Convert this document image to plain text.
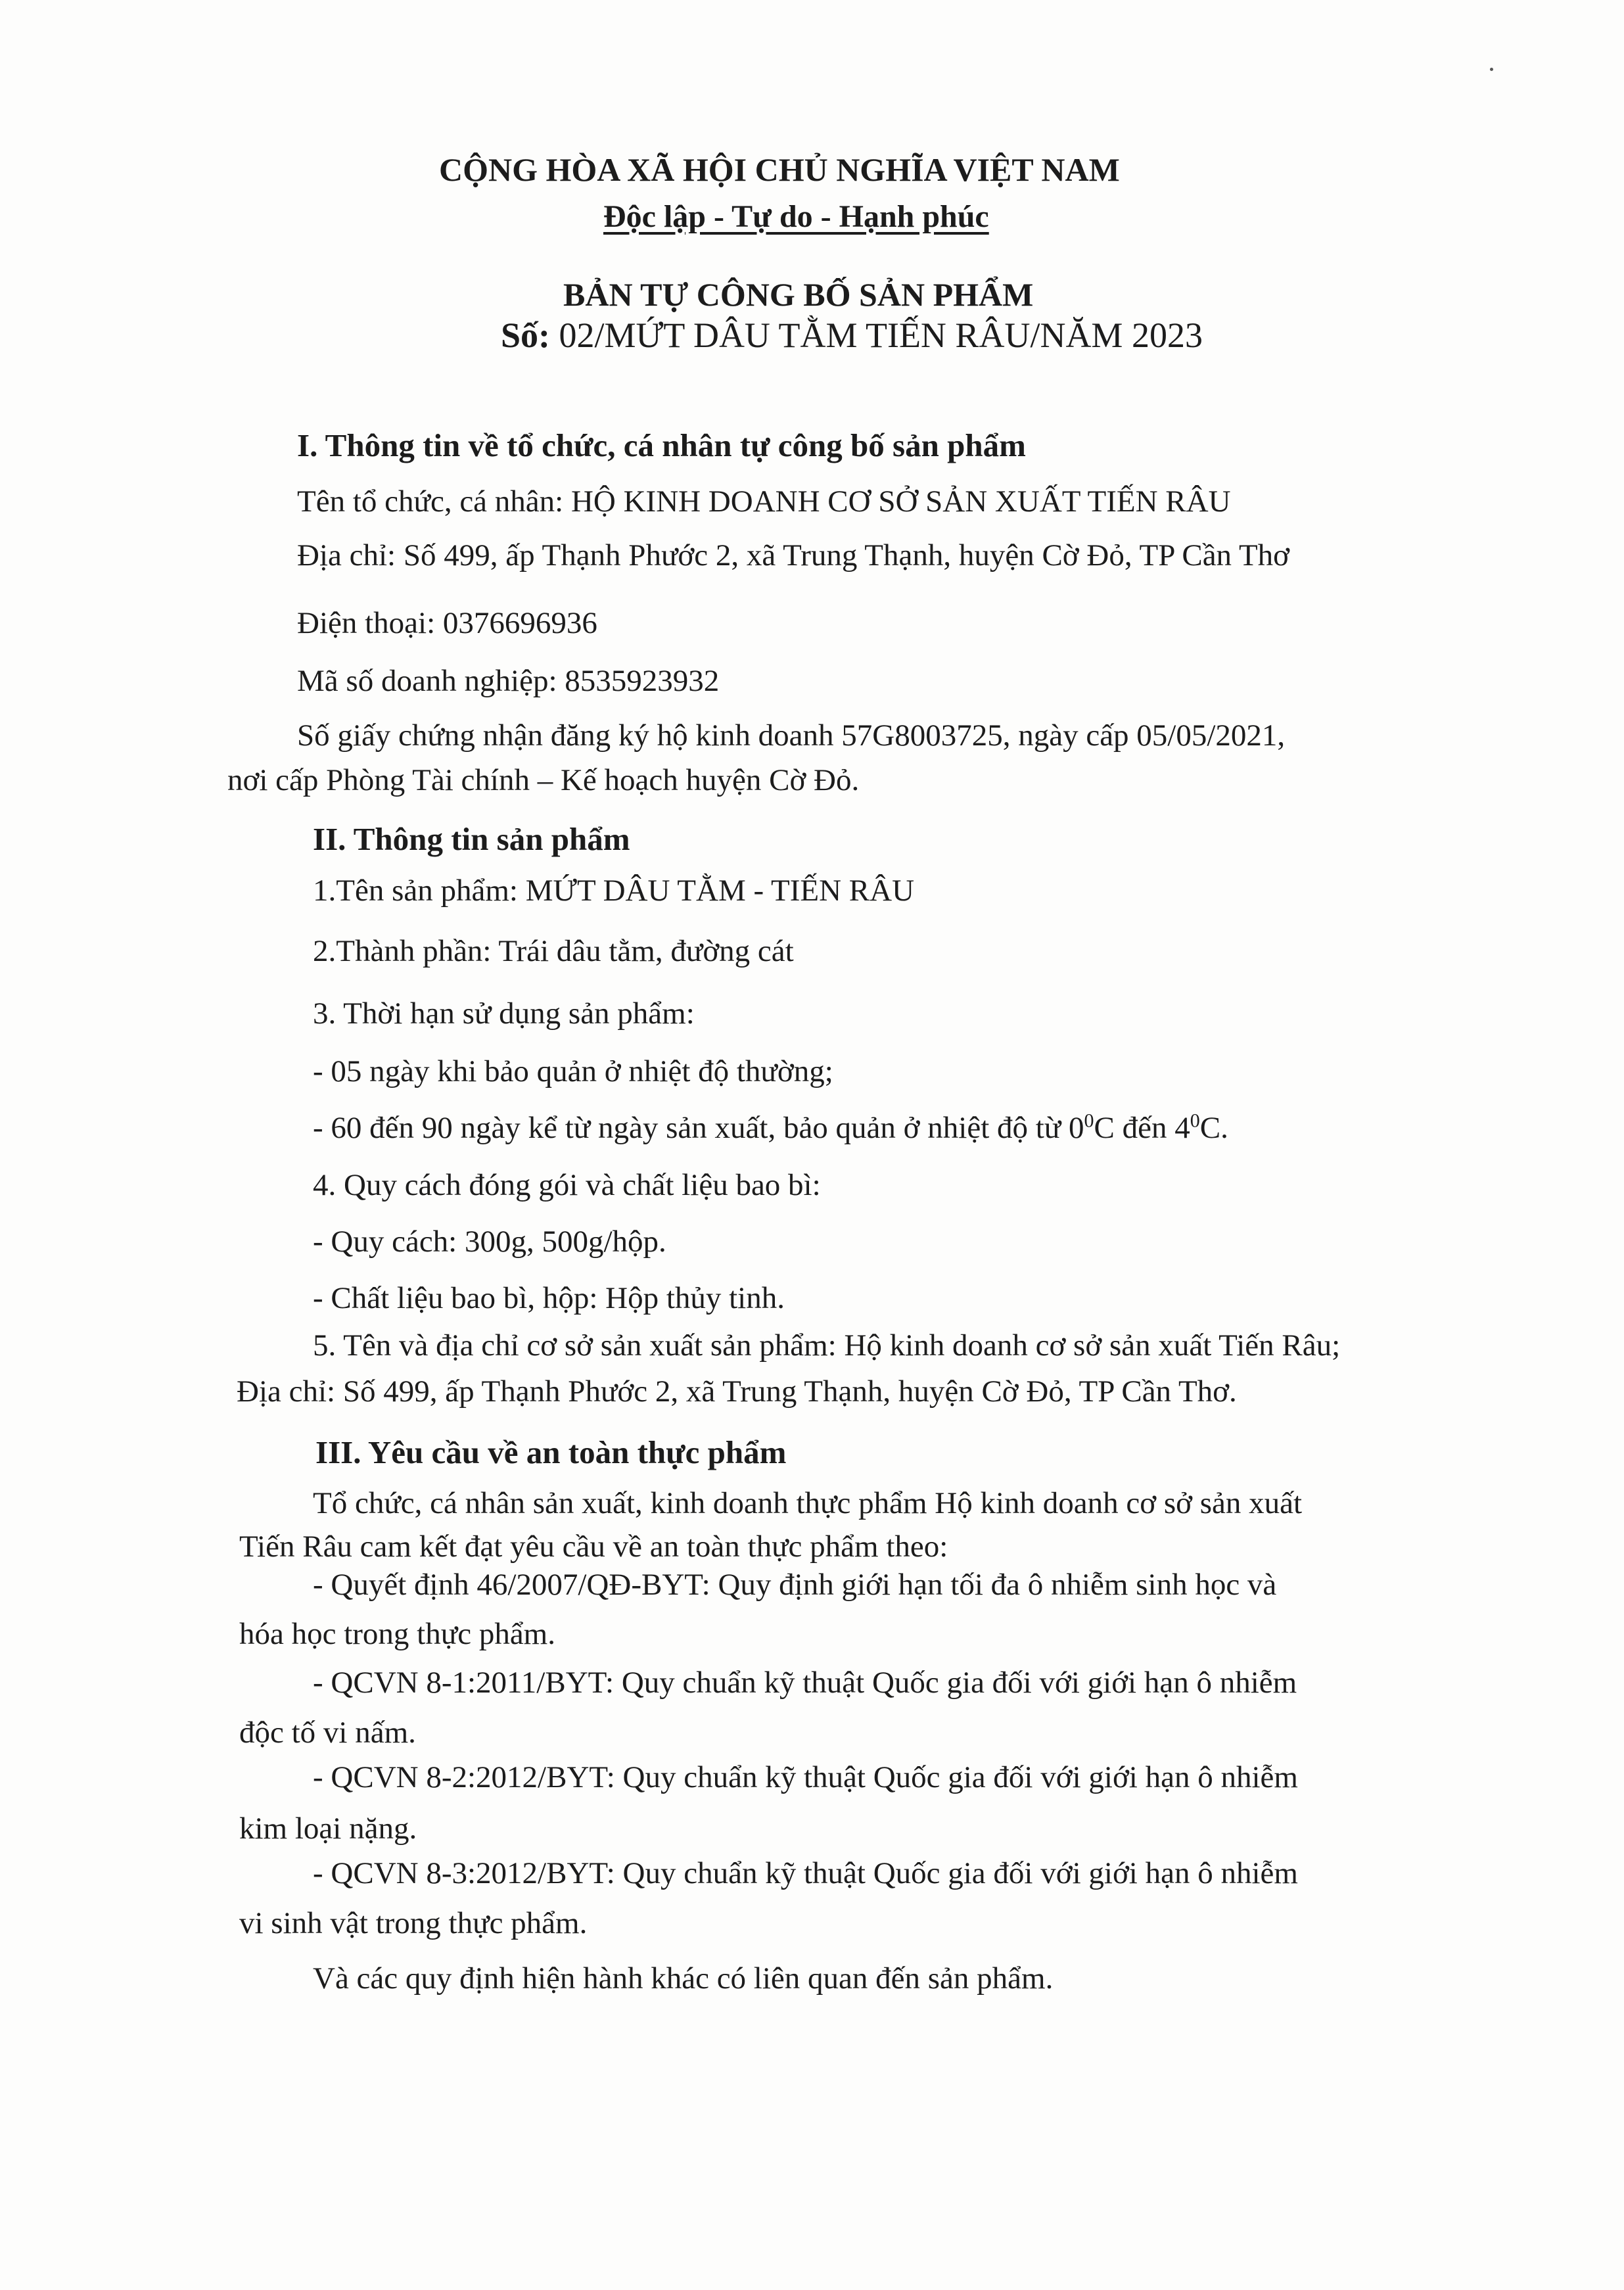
CỘNG HÒA XÃ HỘI CHỦ NGHĨA VIỆT NAM
Độc lập - Tự do - Hạnh phúc
BẢN TỰ CÔNG BỐ SẢN PHẨM
Số: 02/MỨT DÂU TẰM TIẾN RÂU/NĂM 2023
I. Thông tin về tổ chức, cá nhân tự công bố sản phẩm
Tên tổ chức, cá nhân: HỘ KINH DOANH CƠ SỞ SẢN XUẤT TIẾN RÂU
Địa chỉ: Số 499, ấp Thạnh Phước 2, xã Trung Thạnh, huyện Cờ Đỏ, TP Cần Thơ
Điện thoại: 0376696936
Mã số doanh nghiệp: 8535923932
Số giấy chứng nhận đăng ký hộ kinh doanh 57G8003725, ngày cấp 05/05/2021,
nơi cấp Phòng Tài chính – Kế hoạch huyện Cờ Đỏ.
II. Thông tin sản phẩm
1.Tên sản phẩm: MỨT DÂU TẰM - TIẾN RÂU
2.Thành phần: Trái dâu tằm, đường cát
3. Thời hạn sử dụng sản phẩm:
- 05 ngày khi bảo quản ở nhiệt độ thường;
- 60 đến 90 ngày kể từ ngày sản xuất, bảo quản ở nhiệt độ từ $0^0C$ đến $4^0C$.
4. Quy cách đóng gói và chất liệu bao bì:
- Quy cách: 300g, 500g/hộp.
- Chất liệu bao bì, hộp: Hộp thủy tinh.
5. Tên và địa chỉ cơ sở sản xuất sản phẩm: Hộ kinh doanh cơ sở sản xuất Tiến Râu;
Địa chỉ: Số 499, ấp Thạnh Phước 2, xã Trung Thạnh, huyện Cờ Đỏ, TP Cần Thơ.
III. Yêu cầu về an toàn thực phẩm
Tổ chức, cá nhân sản xuất, kinh doanh thực phẩm Hộ kinh doanh cơ sở sản xuất
Tiến Râu cam kết đạt yêu cầu về an toàn thực phẩm theo:
- Quyết định 46/2007/QĐ-BYT: Quy định giới hạn tối đa ô nhiễm sinh học và
hóa học trong thực phẩm.
- QCVN 8-1:2011/BYT: Quy chuẩn kỹ thuật Quốc gia đối với giới hạn ô nhiễm
độc tố vi nấm.
- QCVN 8-2:2012/BYT: Quy chuẩn kỹ thuật Quốc gia đối với giới hạn ô nhiễm
kim loại nặng.
- QCVN 8-3:2012/BYT: Quy chuẩn kỹ thuật Quốc gia đối với giới hạn ô nhiễm
vi sinh vật trong thực phẩm.
Và các quy định hiện hành khác có liên quan đến sản phẩm.
